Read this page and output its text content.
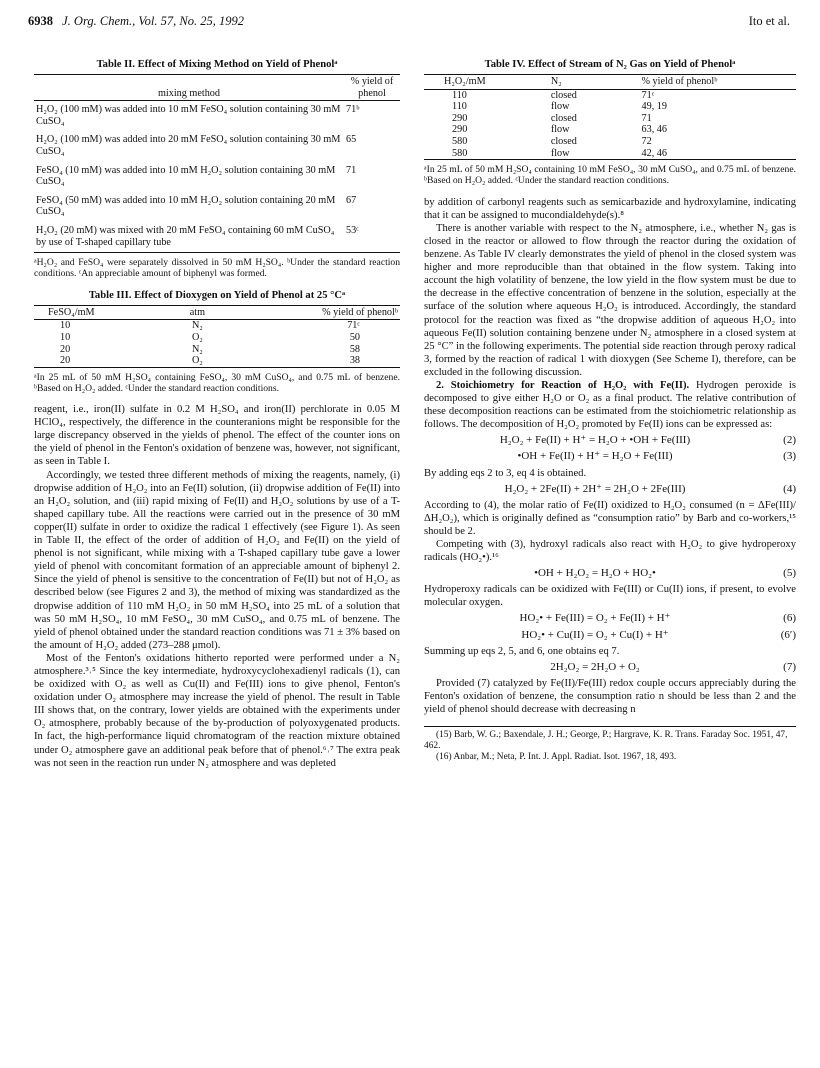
6938 J. Org. Chem., Vol. 57, No. 25, 1992	Ito et al.
Table II. Effect of Mixing Method on Yield of Phenolᵃ
mixing method	% yield of phenol
H₂O₂ (100 mM) was added into 10 mM FeSO₄ solution containing 30 mM CuSO₄	71ᵇ
H₂O₂ (100 mM) was added into 20 mM FeSO₄ solution containing 30 mM CuSO₄	65
FeSO₄ (10 mM) was added into 10 mM H₂O₂ solution containing 30 mM CuSO₄	71
FeSO₄ (50 mM) was added into 10 mM H₂O₂ solution containing 20 mM CuSO₄	67
H₂O₂ (20 mM) was mixed with 20 mM FeSO₄ containing 60 mM CuSO₄ by use of T-shaped capillary tube	53ᶜ
ᵃH₂O₂ and FeSO₄ were separately dissolved in 50 mM H₂SO₄. ᵇUnder the standard reaction conditions. ᶜAn appreciable amount of biphenyl was formed.
Table III. Effect of Dioxygen on Yield of Phenol at 25 °Cᵃ
FeSO₄/mM	atm	% yield of phenolᵇ
10	N₂	71ᶜ
10	O₂	50
20	N₂	58
20	O₂	38
ᵃIn 25 mL of 50 mM H₂SO₄ containing FeSO₄, 30 mM CuSO₄, and 0.75 mL of benzene. ᵇBased on H₂O₂ added. ᶜUnder the standard reaction conditions.

reagent, i.e., iron(II) sulfate in 0.2 M H₂SO₄ and iron(II) perchlorate in 0.05 M HClO₄, respectively, the difference in the counteranions might be responsible for the large discrepancy observed in the yields of phenol. The effect of the counter ions on the yield of phenol in the Fenton's oxidation of benzene was, however, not significant, as seen in Table I.

Accordingly, we tested three different methods of mixing the reagents, namely, (i) dropwise addition of H₂O₂ into an Fe(II) solution, (ii) dropwise addition of Fe(II) into an H₂O₂ solution, and (iii) rapid mixing of Fe(II) and H₂O₂ solutions by use of a T-shaped capillary tube. All the reactions were carried out in the presence of 30 mM copper(II) sulfate in order to oxidize the radical 1 effectively (see Figure 1). As seen in Table II, the effect of the order of addition of H₂O₂ and Fe(II) on the yield of phenol is not significant, while mixing with a T-shaped capillary tube gave a lower yield of phenol with concomitant formation of an appreciable amount of biphenyl 2. Since the yield of phenol is sensitive to the concentration of Fe(II) but not of H₂O₂ as described below (see Figures 2 and 3), the method of mixing was standardized as the dropwise addition of 110 mM H₂O₂ in 50 mM H₂SO₄ into 25 mL of a solution that was 50 mM H₂SO₄, 10 mM FeSO₄, 30 mM CuSO₄, and 0.75 mL of benzene. The yield of phenol obtained under the standard reaction conditions was 71 ± 3% based on the amount of H₂O₂ added (273–288 μmol).

Most of the Fenton's oxidations hitherto reported were performed under a N₂ atmosphere.³˒⁵ Since the key intermediate, hydroxycyclohexadienyl radicals (1), can be oxidized with O₂ as well as Cu(II) and Fe(III) ions to give phenol, Fenton's oxidation under O₂ atmosphere may increase the yield of phenol. The result in Table III shows that, on the contrary, lower yields are obtained with the experiments under O₂ atmosphere, probably because of the by-production of polyoxygenated products. In fact, the high-performance liquid chromatogram of the reaction mixture obtained under O₂ atmosphere gave an additional peak before that of phenol.⁶˒⁷ The extra peak was not seen in the reaction run under N₂ atmosphere and was depleted

Table IV. Effect of Stream of N₂ Gas on Yield of Phenolᵃ
H₂O₂/mM	N₂	% yield of phenolᵇ
110	closed	71ᶜ
110	flow	49, 19
290	closed	71
290	flow	63, 46
580	closed	72
580	flow	42, 46
ᵃIn 25 mL of 50 mM H₂SO₄ containing 10 mM FeSO₄, 30 mM CuSO₄, and 0.75 mL of benzene. ᵇBased on H₂O₂ added. ᶜUnder the standard reaction conditions.

by addition of carbonyl reagents such as semicarbazide and hydroxylamine, indicating that it can be assigned to mucondialdehyde(s).⁸

There is another variable with respect to the N₂ atmosphere, i.e., whether N₂ gas is closed in the reactor or allowed to flow through the reactor during the oxidation of benzene. As Table IV clearly demonstrates the yield of phenol in the closed system was higher and more reproducible than that obtained in the flow system. Taking into account the high volatility of benzene, the low yield in the flow system must be due to the decrease in the effective concentration of benzene in the solution, especially at the surface of the solution where aqueous H₂O₂ is introduced. Accordingly, the standard protocol for the reaction was fixed as “the dropwise addition of aqueous H₂O₂ into aqueous Fe(II) solution containing benzene under N₂ atmosphere in a closed system at 25 °C” in the following experiments. The potential side reaction through peroxy radical 3, formed by the reaction of radical 1 with dioxygen (See Scheme I), therefore, can be excluded in the following discussion.

2. Stoichiometry for Reaction of H₂O₂ with Fe(II). Hydrogen peroxide is decomposed to give either H₂O or O₂ as a final product. The relative contribution of these decomposition reactions can be estimated from the stoichiometric relationship as follows. The decomposition of H₂O₂ promoted by Fe(II) ions can be expressed as:

H₂O₂ + Fe(II) + H⁺ = H₂O + •OH + Fe(III)	(2)
•OH + Fe(II) + H⁺ = H₂O + Fe(III)	(3)

By adding eqs 2 to 3, eq 4 is obtained.

H₂O₂ + 2Fe(II) + 2H⁺ = 2H₂O + 2Fe(III)	(4)

According to (4), the molar ratio of Fe(II) oxidized to H₂O₂ consumed (n = ΔFe(III)/ΔH₂O₂), which is originally defined as “consumption ratio” by Barb and co-workers,¹⁵ should be 2.

Competing with (3), hydroxyl radicals also react with H₂O₂ to give hydroperoxy radicals (HO₂•).¹⁶

•OH + H₂O₂ = H₂O + HO₂•	(5)

Hydroperoxy radicals can be oxidized with Fe(III) or Cu(II) ions, if present, to evolve molecular oxygen.

HO₂• + Fe(III) = O₂ + Fe(II) + H⁺	(6)
HO₂• + Cu(II) = O₂ + Cu(I) + H⁺	(6′)

Summing up eqs 2, 5, and 6, one obtains eq 7.

2H₂O₂ = 2H₂O + O₂	(7)

Provided (7) catalyzed by Fe(II)/Fe(III) redox couple occurs appreciably during the Fenton's oxidation of benzene, the consumption ratio n should be less than 2 and the yield of phenol should decrease with decreasing n

(15) Barb, W. G.; Baxendale, J. H.; George, P.; Hargrave, K. R. Trans. Faraday Soc. 1951, 47, 462.
(16) Anbar, M.; Neta, P. Int. J. Appl. Radiat. Isot. 1967, 18, 493.
